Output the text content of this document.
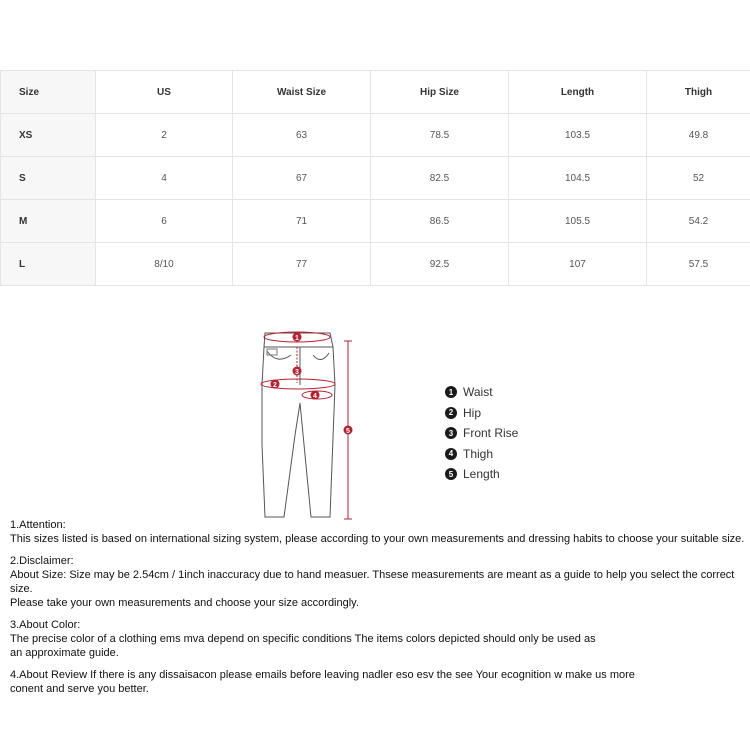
Size	US	Waist Size	Hip Size	Length	Thigh
XS	2	63	78.5	103.5	49.8
S	4	67	82.5	104.5	52
M	6	71	86.5	105.5	54.2
L	8/10	77	92.5	107	57.5
1
2
3
4
5
1 Waist
2 Hip
3 Front Rise
4 Thigh
5 Length

1.Attention:

This sizes listed is based on international sizing system, please according to your own measurements and dressing habits to choose your suitable size.

2.Disclaimer:

About Size: Size may be 2.54cm / 1inch inaccuracy due to hand measuer. Thsese measurements are meant as a guide to help you select the correct size.

Please take your own measurements and choose your size accordingly.

3.About Color:

The precise color of a clothing ems mva depend on specific conditions The items colors depicted should only be used as

an approximate guide.

4.About Review If there is any dissaisacon please emails before leaving nadler eso esv the see Your ecognition w make us more

conent and serve you better.
